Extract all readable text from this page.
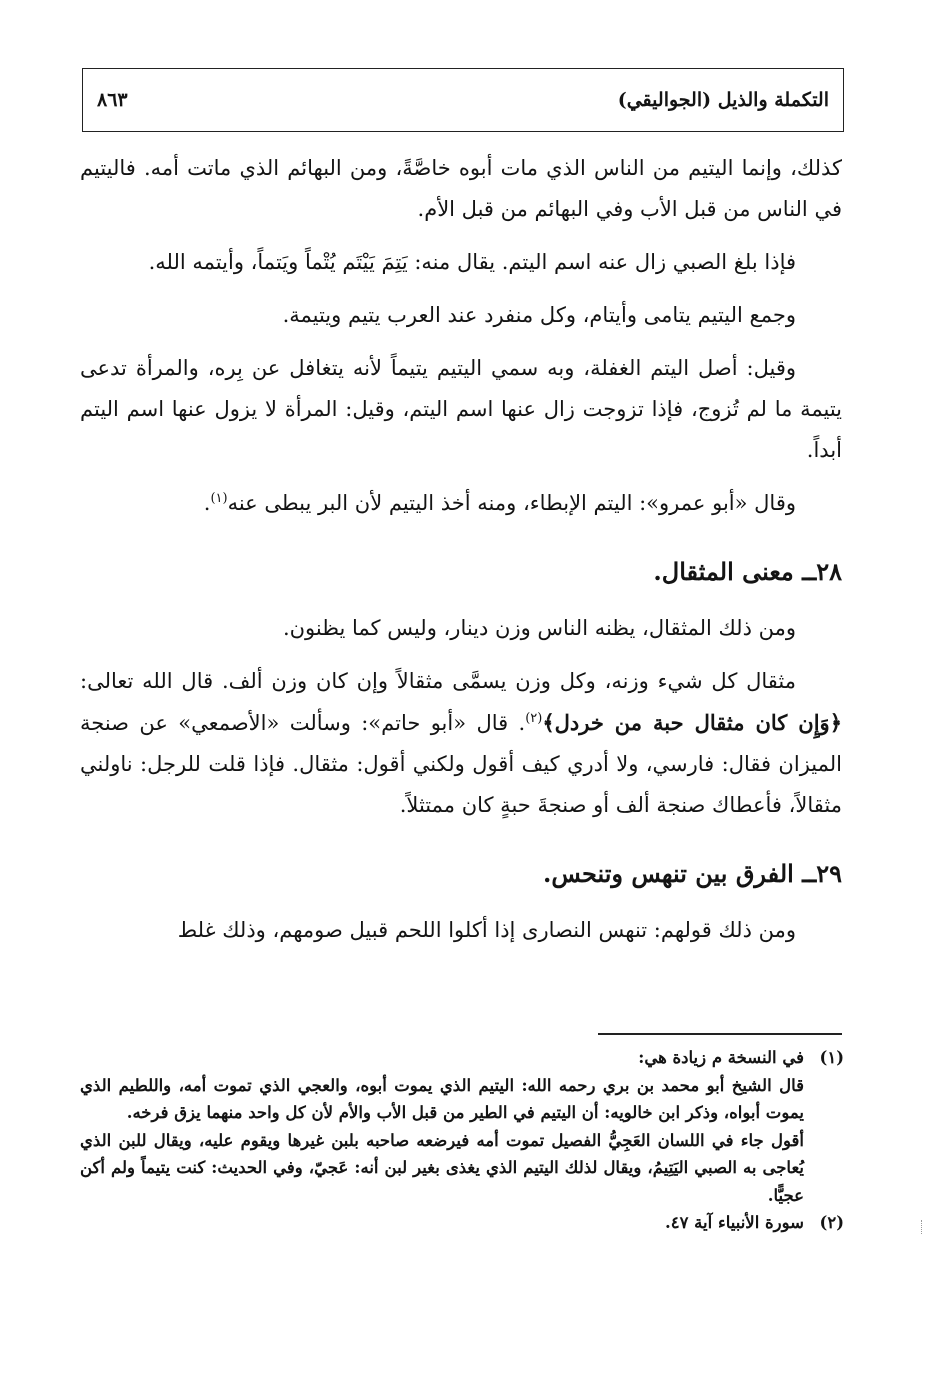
التكملة والذيل (الجواليقي)
٨٦٣

كذلك، وإنما اليتيم من الناس الذي مات أبوه خاصَّةً، ومن البهائم الذي ماتت أمه. فاليتيم في الناس من قبل الأب وفي البهائم من قبل الأم.

فإذا بلغ الصبي زال عنه اسم اليتم. يقال منه: يَتِمَ يَيْتَم يُتْماً ويَتماً، وأيتمه الله.

وجمع اليتيم يتامى وأيتام، وكل منفرد عند العرب يتيم ويتيمة.

وقيل: أصل اليتم الغفلة، وبه سمي اليتيم يتيماً لأنه يتغافل عن بِره، والمرأة تدعى يتيمة ما لم تُزوج، فإذا تزوجت زال عنها اسم اليتم، وقيل: المرأة لا يزول عنها اسم اليتم أبداً.

وقال «أبو عمرو»: اليتم الإبطاء، ومنه أخذ اليتيم لأن البر يبطى عنه$^{(١)}$.

٢٨ــ معنى المثقال.

ومن ذلك المثقال، يظنه الناس وزن دينار، وليس كما يظنون.

مثقال كل شيء وزنه، وكل وزن يسمَّى مثقالاً وإن كان وزن ألف. قال الله تعالى: ﴿وَإِن كان مثقال حبة من خردل﴾$^{(٢)}$. قال «أبو حاتم»: وسألت «الأصمعي» عن صنجة الميزان فقال: فارسي، ولا أدري كيف أقول ولكني أقول: مثقال. فإذا قلت للرجل: ناولني مثقالاً، فأعطاك صنجة ألف أو صنجةَ حبةٍ كان ممتثلاً.

٢٩ــ الفرق بين تنهس وتنحس.

ومن ذلك قولهم: تنهس النصارى إذا أكلوا اللحم قبيل صومهم، وذلك غلط

(١)

في النسخة م زيادة هي:

قال الشيخ أبو محمد بن بري رحمه الله: اليتيم الذي يموت أبوه، والعجي الذي تموت أمه، واللطيم الذي يموت أبواه، وذكر ابن خالويه: أن اليتيم في الطير من قبل الأب والأم لأن كل واحد منهما يزق فرخه.

أقول جاء في اللسان العَجِيُّ الفصيل تموت أمه فيرضعه صاحبه بلبن غيرها ويقوم عليه، ويقال للبن الذي يُعاجى به الصبي اليَتِيمُ، ويقال لذلك اليتيم الذي يغذى بغير لبن أنه: عَجيّ، وفي الحديث: كنت يتيماً ولم أكن عجيًّا.

(٢)

سورة الأنبياء آية ٤٧.
